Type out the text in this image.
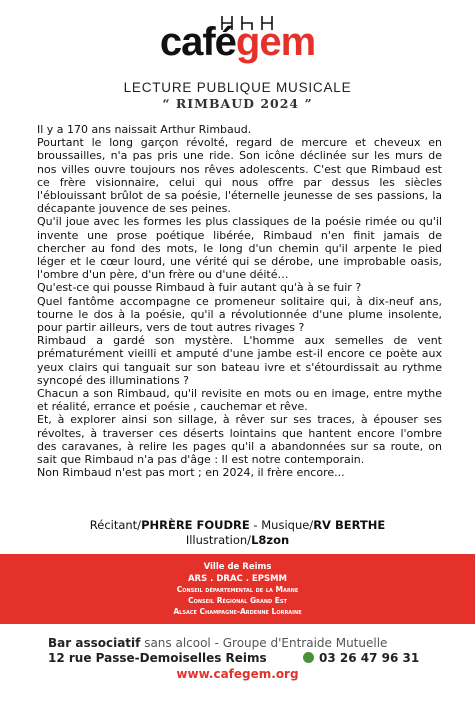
cafégem
LECTURE PUBLIQUE MUSICALE
“ RIMBAUD 2024 ”

Il y a 170 ans naissait Arthur Rimbaud.

Pourtant le long garçon révolté, regard de mercure et cheveux en broussailles, n'a pas pris une ride. Son icône déclinée sur les murs de nos villes ouvre toujours nos rêves adolescents. C'est que Rimbaud est ce frère visionnaire, celui qui nous offre par dessus les siècles l'éblouissant brûlot de sa poésie, l'éternelle jeunesse de ses passions, la décapante jouvence de ses peines.

Qu'il joue avec les formes les plus classiques de la poésie rimée ou qu'il invente une prose poétique libérée, Rimbaud n'en finit jamais de chercher au fond des mots, le long d'un chemin qu'il arpente le pied léger et le cœur lourd, une vérité qui se dérobe, une improbable oasis, l'ombre d'un père, d'un frère ou d'une déité…

Qu'est-ce qui pousse Rimbaud à fuir autant qu'à à se fuir ?

Quel fantôme accompagne ce promeneur solitaire qui, à dix-neuf ans, tourne le dos à la poésie, qu'il a révolutionnée d'une plume insolente, pour partir ailleurs, vers de tout autres rivages ?

Rimbaud a gardé son mystère. L'homme aux semelles de vent prématurément vieilli et amputé d'une jambe est-il encore ce poète aux yeux clairs qui tanguait sur son bateau ivre et s'étourdissait au rythme syncopé des illuminations ?

Chacun a son Rimbaud, qu'il revisite en mots ou en image, entre mythe et réalité, errance et poésie , cauchemar et rêve.

Et, à explorer ainsi son sillage, à rêver sur ses traces, à épouser ses révoltes, à traverser ces déserts lointains que hantent encore l'ombre des caravanes, à relire les pages qu'il a abandonnées sur sa route, on sait que Rimbaud n'a pas d'âge : Il est notre contemporain.

Non Rimbaud n'est pas mort ; en 2024, il frère encore...

Récitant/PHRÈRE FOUDRE - Musique/RV BERTHE
Illustration/L8zon
Ville de Reims
ARS . DRAC . EPSMM
Conseil départemental de la Marne
Conseil Régional Grand Est
Alsace Champagne-Ardenne Lorraine
Bar associatif sans alcool - Groupe d'Entraide Mutuelle
12 rue Passe-Demoiselles Reims	03 26 47 96 31
www.cafegem.org
